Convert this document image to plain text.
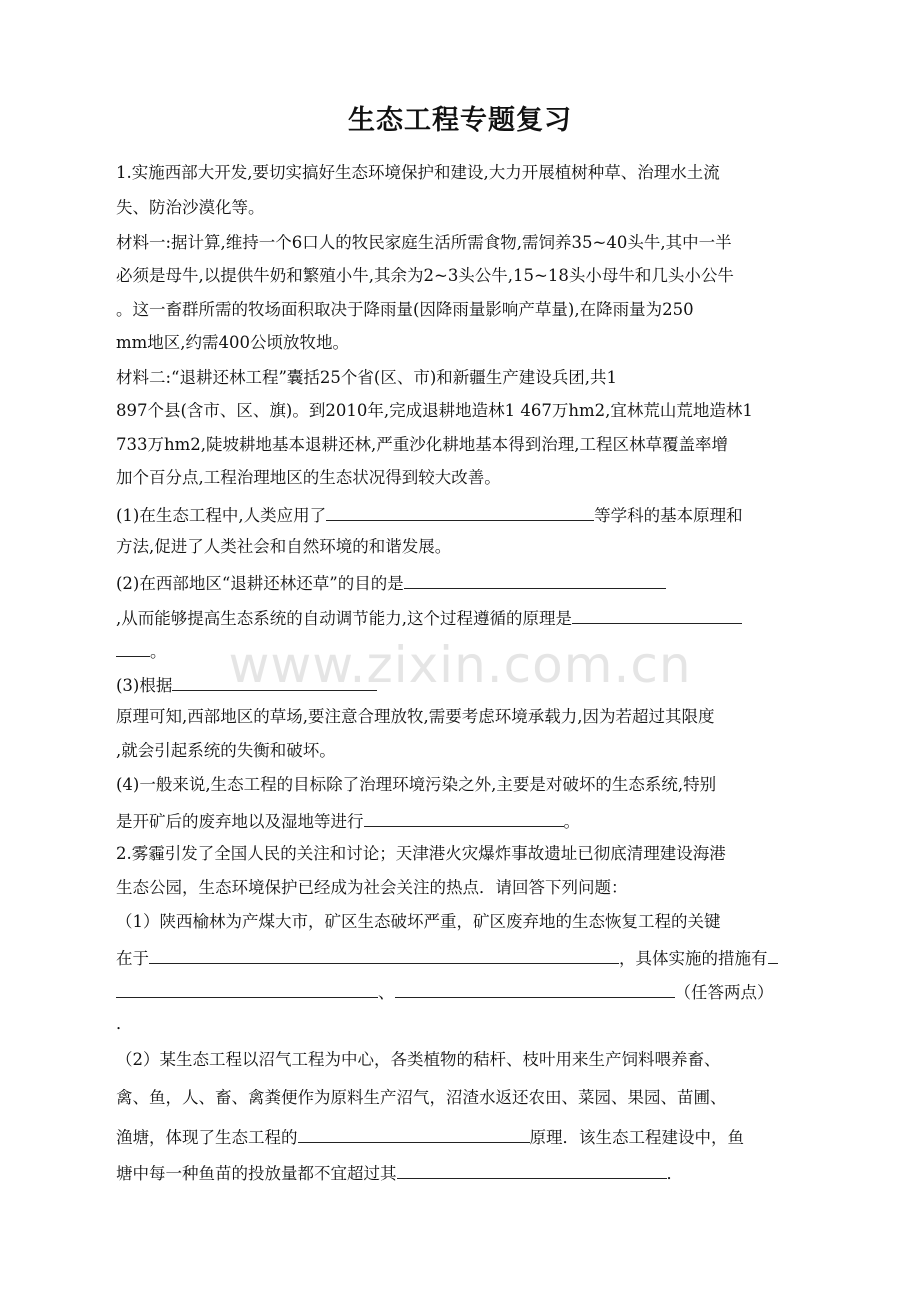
生态工程专题复习
1.实施西部大开发,要切实搞好生态环境保护和建设,大力开展植树种草、治理水土流
失、防治沙漠化等。
材料一:据计算,维持一个6口人的牧民家庭生活所需食物,需饲养35~40头牛,其中一半
必须是母牛,以提供牛奶和繁殖小牛,其余为2~3头公牛,15~18头小母牛和几头小公牛
。这一畜群所需的牧场面积取决于降雨量(因降雨量影响产草量),在降雨量为250
mm地区,约需400公顷放牧地。
材料二:“退耕还林工程”囊括25个省(区、市)和新疆生产建设兵团,共1
897个县(含市、区、旗)。到2010年,完成退耕地造林1 467万hm2,宜林荒山荒地造林1
733万hm2,陡坡耕地基本退耕还林,严重沙化耕地基本得到治理,工程区林草覆盖率增
加个百分点,工程治理地区的生态状况得到较大改善。
(1)在生态工程中,人类应用了	等学科的基本原理和
方法,促进了人类社会和自然环境的和谐发展。
(2)在西部地区“退耕还林还草”的目的是
,从而能够提高生态系统的自动调节能力,这个过程遵循的原理是
。
(3)根据
原理可知,西部地区的草场,要注意合理放牧,需要考虑环境承载力,因为若超过其限度
,就会引起系统的失衡和破坏。
(4)一般来说,生态工程的目标除了治理环境污染之外,主要是对破坏的生态系统,特别
是开矿后的废弃地以及湿地等进行	。
2.雾霾引发了全国人民的关注和讨论；天津港火灾爆炸事故遗址已彻底清理建设海港
生态公园，生态环境保护已经成为社会关注的热点．请回答下列问题：
（1）陕西榆林为产煤大市，矿区生态破坏严重，矿区废弃地的生态恢复工程的关键
在于	，具体实施的措施有
、	（任答两点）
．
（2）某生态工程以沼气工程为中心，各类植物的秸杆、枝叶用来生产饲料喂养畜、
禽、鱼，人、畜、禽粪便作为原料生产沼气，沼渣水返还农田、菜园、果园、苗圃、
渔塘，体现了生态工程的	原理．该生态工程建设中，鱼
塘中每一种鱼苗的投放量都不宜超过其	．
www.zixin.com.cn
